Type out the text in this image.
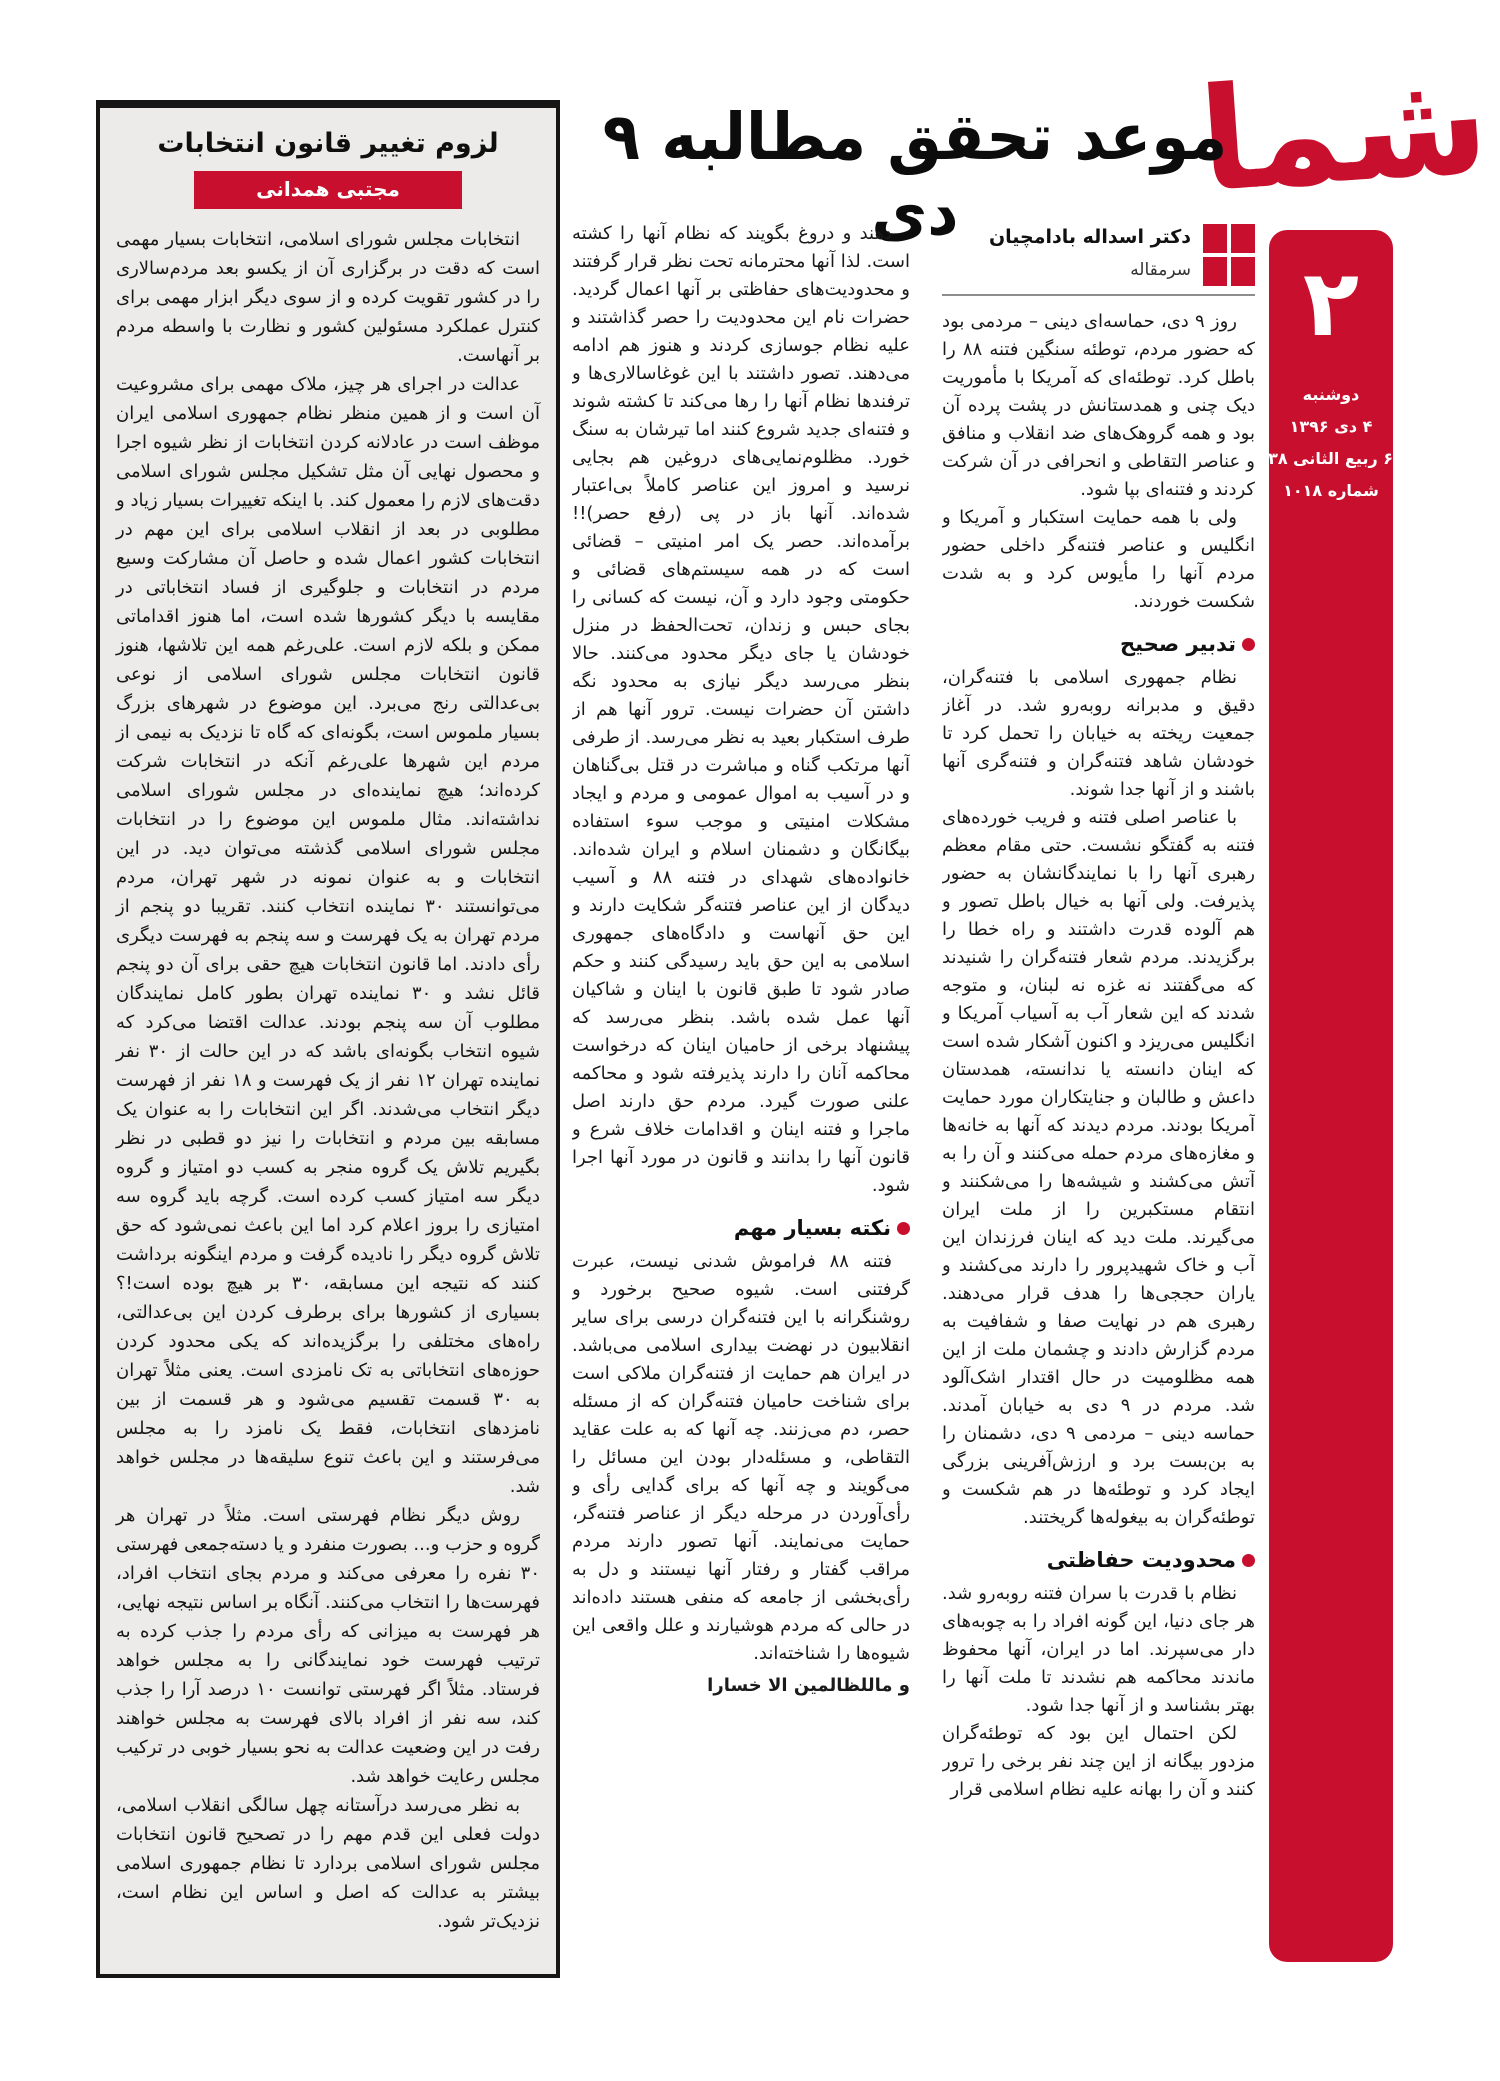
شما
۲
دوشنبه
۴ دی ۱۳۹۶
۶ ربیع الثانی ۱۴۳۸
شماره ۱۰۱۸
موعد تحقق مطالبه ۹ دی	دکتر اسداله بادامچیان
سرمقاله

روز ۹ دی، حماسه‌ای دینی – مردمی بود که حضور مردم، توطئه سنگین فتنه ۸۸ را باطل کرد. توطئه‌ای که آمریکا با مأموریت دیک چنی و همدستانش در پشت پرده آن بود و همه گروهک‌های ضد انقلاب و منافق و عناصر التقاطی و انحرافی در آن شرکت کردند و فتنه‌ای بپا شود.

ولی با همه حمایت استکبار و آمریکا و انگلیس و عناصر فتنه‌گر داخلی حضور مردم آنها را مأیوس کرد و به شدت شکست خوردند.

تدبیر صحیح

نظام جمهوری اسلامی با فتنه‌گران، دقیق و مدبرانه روبه‌رو شد. در آغاز جمعیت ریخته به خیابان را تحمل کرد تا خودشان شاهد فتنه‌گران و فتنه‌گری آنها باشند و از آنها جدا شوند.

با عناصر اصلی فتنه و فریب خورده‌های فتنه به گفتگو نشست. حتی مقام معظم رهبری آنها را با نمایندگانشان به حضور پذیرفت. ولی آنها به خیال باطل تصور و هم آلوده قدرت داشتند و راه خطا را برگزیدند. مردم شعار فتنه‌گران را شنیدند که می‌گفتند نه غزه نه لبنان، و متوجه شدند که این شعار آب به آسیاب آمریکا و انگلیس می‌ریزد و اکنون آشکار شده است که اینان دانسته یا ندانسته، همدستان داعش و طالبان و جنایتکاران مورد حمایت آمریکا بودند. مردم دیدند که آنها به خانه‌ها و مغازه‌های مردم حمله می‌کنند و آن را به آتش می‌کشند و شیشه‌ها را می‌شکنند و انتقام مستکبرین را از ملت ایران می‌گیرند. ملت دید که اینان فرزندان این آب و خاک شهیدپرور را دارند می‌کشند و یاران حججی‌ها را هدف قرار می‌دهند. رهبری هم در نهایت صفا و شفافیت به مردم گزارش دادند و چشمان ملت از این همه مظلومیت در حال اقتدار اشک‌آلود شد. مردم در ۹ دی به خیابان آمدند. حماسه دینی – مردمی ۹ دی، دشمنان را به بن‌بست برد و ارزش‌آفرینی بزرگی ایجاد کرد و توطئه‌ها در هم شکست و توطئه‌گران به بیغوله‌ها گریختند.

محدودیت حفاظتی

نظام با قدرت با سران فتنه روبه‌رو شد. هر جای دنیا، این گونه افراد را به چوبه‌های دار می‌سپرند. اما در ایران، آنها محفوظ ماندند محاکمه هم نشدند تا ملت آنها را بهتر بشناسد و از آنها جدا شود.

لکن احتمال این بود که توطئه‌گران مزدور بیگانه از این چند نفر برخی را ترور کنند و آن را بهانه علیه نظام اسلامی قرار

دهند و دروغ بگویند که نظام آنها را کشته است. لذا آنها محترمانه تحت نظر قرار گرفتند و محدودیت‌های حفاظتی بر آنها اعمال گردید. حضرات نام این محدودیت را حصر گذاشتند و علیه نظام جوسازی کردند و هنوز هم ادامه می‌دهند. تصور داشتند با این غوغاسالاری‌ها و ترفندها نظام آنها را رها می‌کند تا کشته شوند و فتنه‌ای جدید شروع کنند اما تیرشان به سنگ خورد. مظلوم‌نمایی‌های دروغین هم بجایی نرسید و امروز این عناصر کاملاً بی‌اعتبار شده‌اند. آنها باز در پی (رفع حصر)!! برآمده‌اند. حصر یک امر امنیتی – قضائی است که در همه سیستم‌های قضائی و حکومتی وجود دارد و آن، نیست که کسانی را بجای حبس و زندان، تحت‌الحفظ در منزل خودشان یا جای دیگر محدود می‌کنند. حالا بنظر می‌رسد دیگر نیازی به محدود نگه داشتن آن حضرات نیست. ترور آنها هم از طرف استکبار بعید به نظر می‌رسد. از طرفی آنها مرتکب گناه و مباشرت در قتل بی‌گناهان و در آسیب به اموال عمومی و مردم و ایجاد مشکلات امنیتی و موجب سوء استفاده بیگانگان و دشمنان اسلام و ایران شده‌اند. خانواده‌های شهدای در فتنه ۸۸ و آسیب دیدگان از این عناصر فتنه‌گر شکایت دارند و این حق آنهاست و دادگاه‌های جمهوری اسلامی به این حق باید رسیدگی کنند و حکم صادر شود تا طبق قانون با اینان و شاکیان آنها عمل شده باشد. بنظر می‌رسد که پیشنهاد برخی از حامیان اینان که درخواست محاکمه آنان را دارند پذیرفته شود و محاکمه علنی صورت گیرد. مردم حق دارند اصل ماجرا و فتنه اینان و اقدامات خلاف شرع و قانون آنها را بدانند و قانون در مورد آنها اجرا شود.

نکته بسیار مهم

فتنه ۸۸ فراموش شدنی نیست، عبرت گرفتنی است. شیوه صحیح برخورد و روشنگرانه با این فتنه‌گران درسی برای سایر انقلابیون در نهضت بیداری اسلامی می‌باشد. در ایران هم حمایت از فتنه‌گران ملاکی است برای شناخت حامیان فتنه‌گران که از مسئله حصر، دم می‌زنند. چه آنها که به علت عقاید التقاطی، و مسئله‌دار بودن این مسائل را می‌گویند و چه آنها که برای گدایی رأی و رأی‌آوردن در مرحله دیگر از عناصر فتنه‌گر، حمایت می‌نمایند. آنها تصور دارند مردم مراقب گفتار و رفتار آنها نیستند و دل به رأی‌بخشی از جامعه که منفی هستند داده‌اند در حالی که مردم هوشیارند و علل واقعی این شیوه‌ها را شناخته‌اند.

و ماللظالمین الا خسارا

لزوم تغییر قانون انتخابات
مجتبی همدانی

انتخابات مجلس شورای اسلامی، انتخابات بسیار مهمی است که دقت در برگزاری آن از یکسو بعد مردم‌سالاری را در کشور تقویت کرده و از سوی دیگر ابزار مهمی برای کنترل عملکرد مسئولین کشور و نظارت با واسطه مردم بر آنهاست.

عدالت در اجرای هر چیز، ملاک مهمی برای مشروعیت آن است و از همین منظر نظام جمهوری اسلامی ایران موظف است در عادلانه کردن انتخابات از نظر شیوه اجرا و محصول نهایی آن مثل تشکیل مجلس شورای اسلامی دقت‌های لازم را معمول کند. با اینکه تغییرات بسیار زیاد و مطلوبی در بعد از انقلاب اسلامی برای این مهم در انتخابات کشور اعمال شده و حاصل آن مشارکت وسیع مردم در انتخابات و جلوگیری از فساد انتخاباتی در مقایسه با دیگر کشورها شده است، اما هنوز اقداماتی ممکن و بلکه لازم است. علی‌رغم همه این تلاشها، هنوز قانون انتخابات مجلس شورای اسلامی از نوعی بی‌عدالتی رنج می‌برد. این موضوع در شهرهای بزرگ بسیار ملموس است، بگونه‌ای که گاه تا نزدیک به نیمی از مردم این شهرها علی‌رغم آنکه در انتخابات شرکت کرده‌اند؛ هیچ نماینده‌ای در مجلس شورای اسلامی نداشته‌اند. مثال ملموس این موضوع را در انتخابات مجلس شورای اسلامی گذشته می‌توان دید. در این انتخابات و به عنوان نمونه در شهر تهران، مردم می‌توانستند ۳۰ نماینده انتخاب کنند. تقریبا دو پنجم از مردم تهران به یک فهرست و سه پنجم به فهرست دیگری رأی دادند. اما قانون انتخابات هیچ حقی برای آن دو پنجم قائل نشد و ۳۰ نماینده تهران بطور کامل نمایندگان مطلوب آن سه پنجم بودند. عدالت اقتضا می‌کرد که شیوه انتخاب بگونه‌ای باشد که در این حالت از ۳۰ نفر نماینده تهران ۱۲ نفر از یک فهرست و ۱۸ نفر از فهرست دیگر انتخاب می‌شدند. اگر این انتخابات را به عنوان یک مسابقه بین مردم و انتخابات را نیز دو قطبی در نظر بگیریم تلاش یک گروه منجر به کسب دو امتیاز و گروه دیگر سه امتیاز کسب کرده است. گرچه باید گروه سه امتیازی را بروز اعلام کرد اما این باعث نمی‌شود که حق تلاش گروه دیگر را نادیده گرفت و مردم اینگونه برداشت کنند که نتیجه این مسابقه، ۳۰ بر هیچ بوده است!؟ بسیاری از کشورها برای برطرف کردن این بی‌عدالتی، راه‌های مختلفی را برگزیده‌اند که یکی محدود کردن حوزه‌های انتخاباتی به تک نامزدی است. یعنی مثلاً تهران به ۳۰ قسمت تقسیم می‌شود و هر قسمت از بین نامزدهای انتخابات، فقط یک نامزد را به مجلس می‌فرستند و این باعث تنوع سلیقه‌ها در مجلس خواهد شد.

روش دیگر نظام فهرستی است. مثلاً در تهران هر گروه و حزب و... بصورت منفرد و یا دسته‌جمعی فهرستی ۳۰ نفره را معرفی می‌کند و مردم بجای انتخاب افراد، فهرست‌ها را انتخاب می‌کنند. آنگاه بر اساس نتیجه نهایی، هر فهرست به میزانی که رأی مردم را جذب کرده به ترتیب فهرست خود نمایندگانی را به مجلس خواهد فرستاد. مثلاً اگر فهرستی توانست ۱۰ درصد آرا را جذب کند، سه نفر از افراد بالای فهرست به مجلس خواهند رفت در این وضعیت عدالت به نحو بسیار خوبی در ترکیب مجلس رعایت خواهد شد.

به نظر می‌رسد درآستانه چهل سالگی انقلاب اسلامی، دولت فعلی این قدم مهم را در تصحیح قانون انتخابات مجلس شورای اسلامی بردارد تا نظام جمهوری اسلامی بیشتر به عدالت که اصل و اساس این نظام است، نزدیک‌تر شود.
